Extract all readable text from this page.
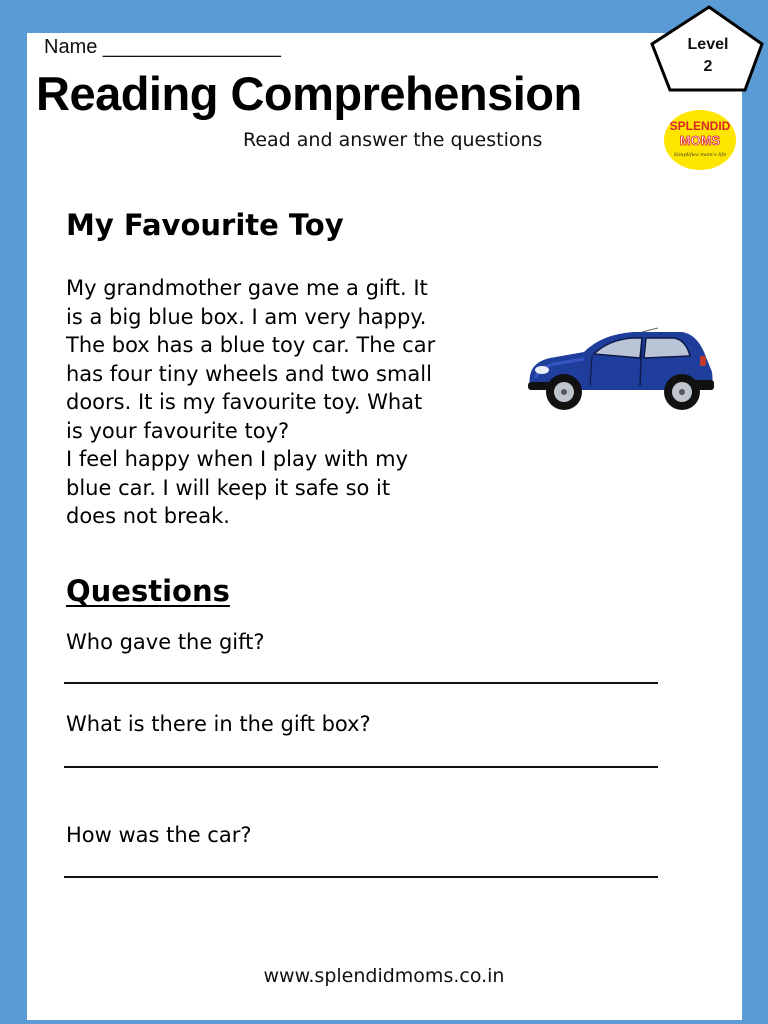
Name ________________
Reading Comprehension
Read and answer the questions
Level
2
SPLENDID
MOMS
Simplifies mom's life
My Favourite Toy
My grandmother gave me a gift. It
is a big blue box. I am very happy.
The box has a blue toy car. The car
has four tiny wheels and two small
doors. It is my favourite toy. What
is your favourite toy?
I feel happy when I play with my
blue car. I will keep it safe so it
does not break.
Questions
Who gave the gift?
What is there in the gift box?
How was the car?
www.splendidmoms.co.in
